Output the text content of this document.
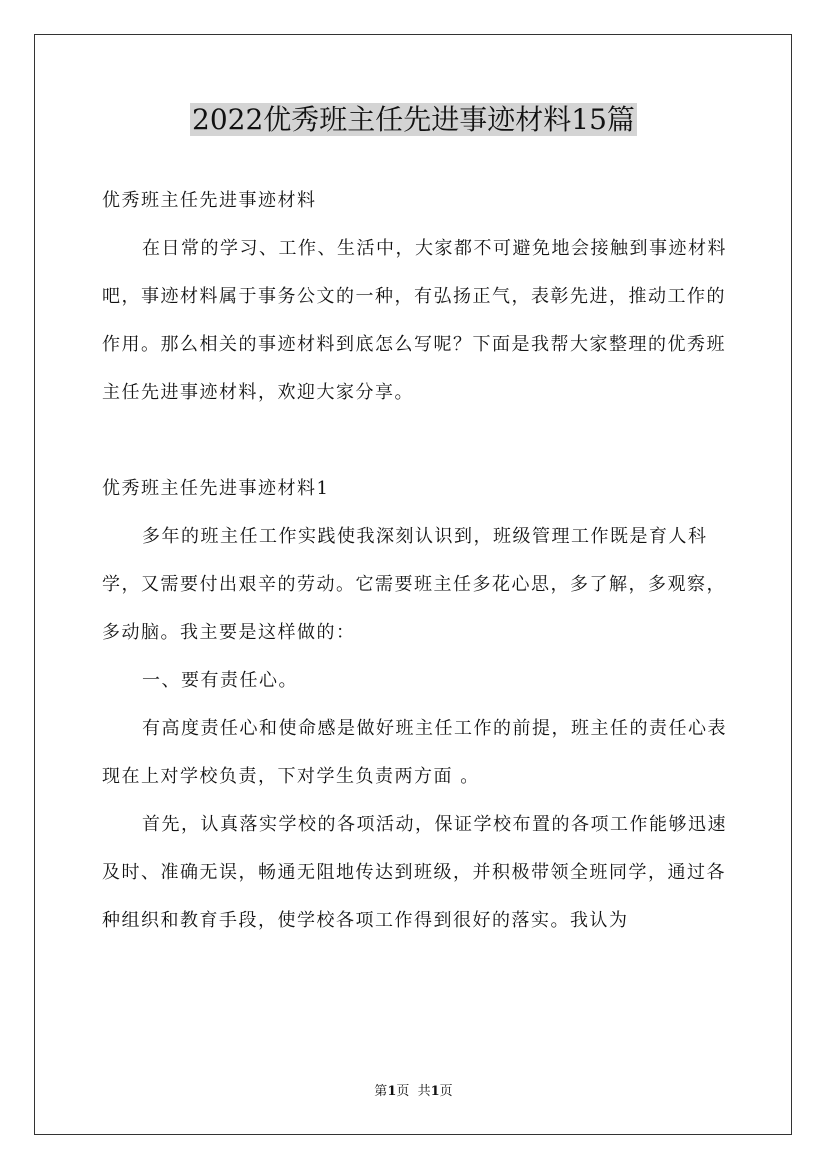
2022优秀班主任先进事迹材料15篇

优秀班主任先进事迹材料

在日常的学习、工作、生活中，大家都不可避免地会接触到事迹材料吧，事迹材料属于事务公文的一种，有弘扬正气，表彰先进，推动工作的作用。那么相关的事迹材料到底怎么写呢？下面是我帮大家整理的优秀班主任先进事迹材料，欢迎大家分享。

优秀班主任先进事迹材料1

多年的班主任工作实践使我深刻认识到，班级管理工作既是育人科学，又需要付出艰辛的劳动。它需要班主任多花心思，多了解，多观察，多动脑。我主要是这样做的：

一、要有责任心。

有高度责任心和使命感是做好班主任工作的前提，班主任的责任心表现在上对学校负责，下对学生负责两方面 。

首先，认真落实学校的各项活动，保证学校布置的各项工作能够迅速及时、准确无误，畅通无阻地传达到班级，并积极带领全班同学，通过各种组织和教育手段，使学校各项工作得到很好的落实。我认为

第1页  共1页
